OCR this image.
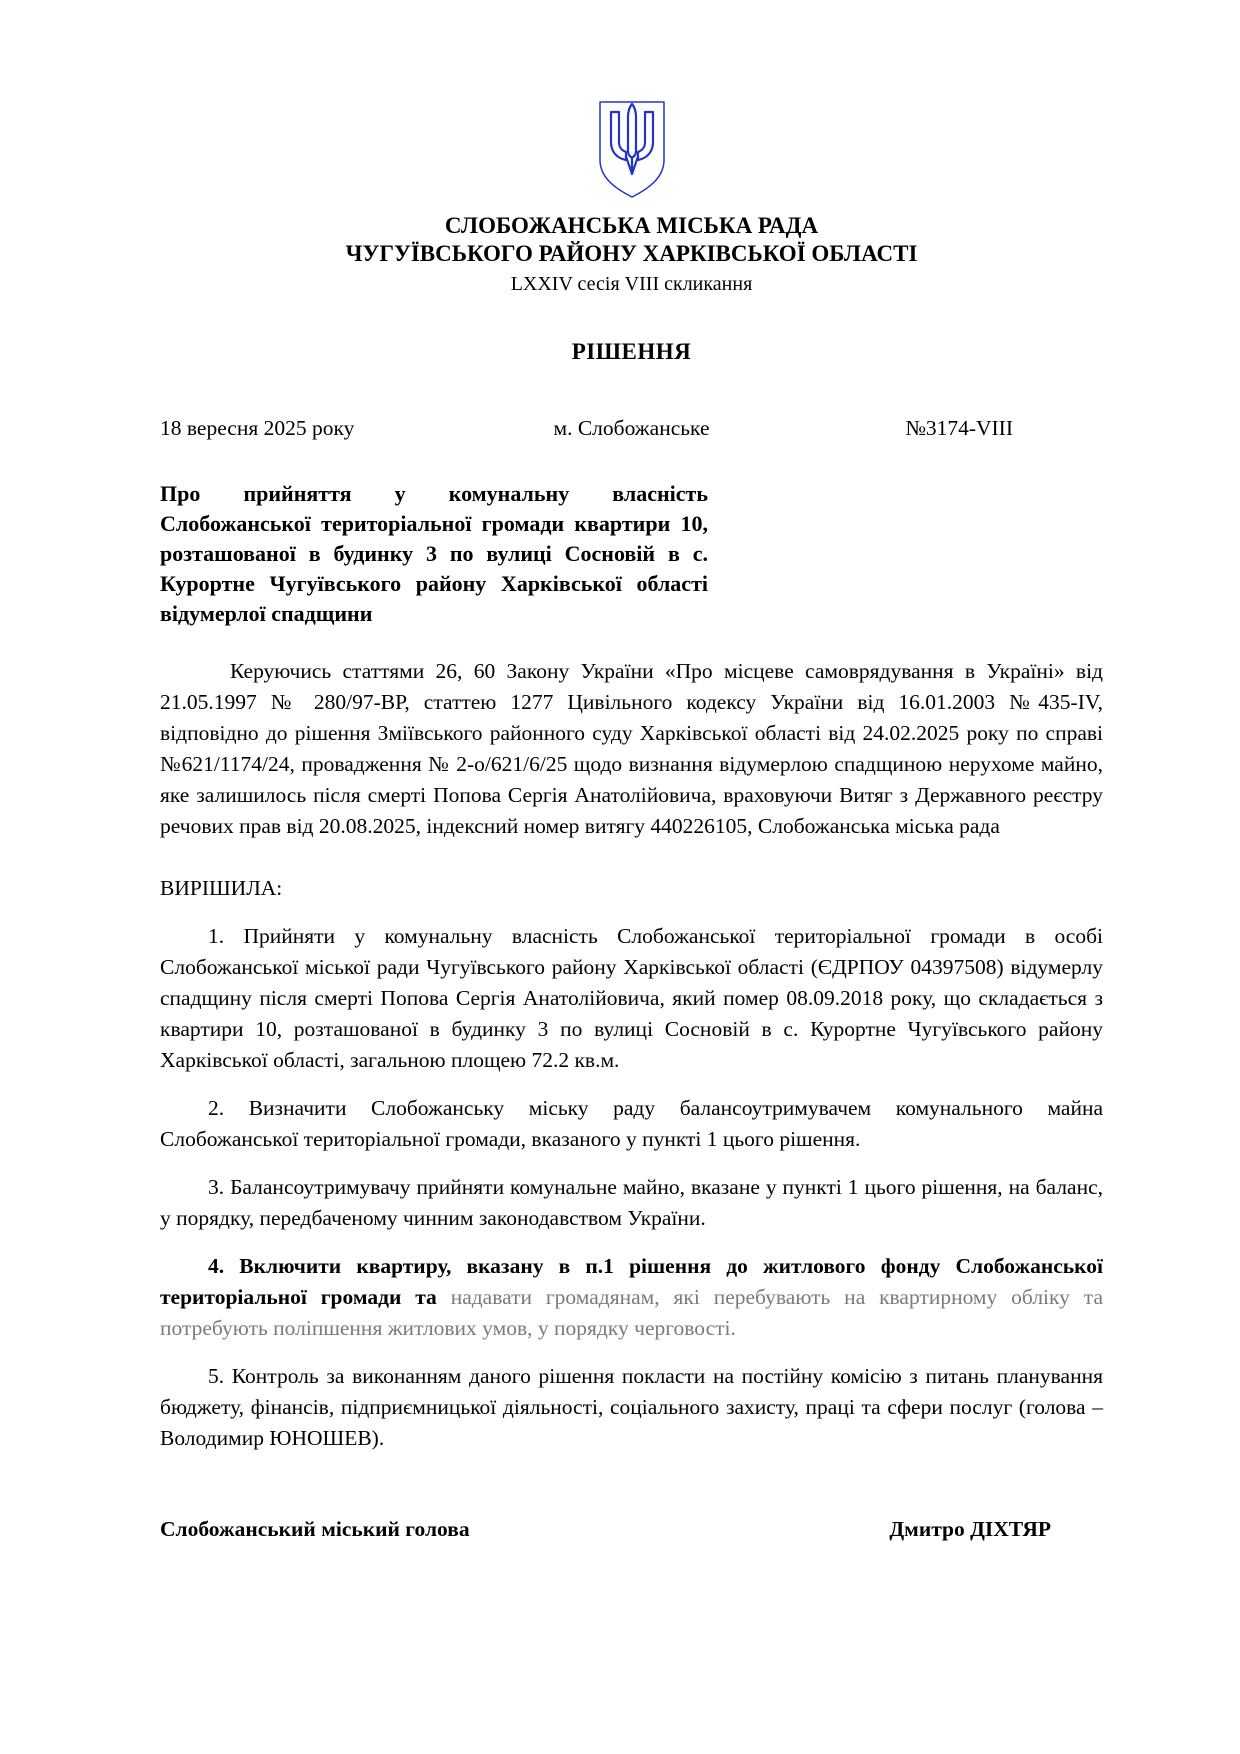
СЛОБОЖАНСЬКА МІСЬКА РАДА
ЧУГУЇВСЬКОГО РАЙОНУ ХАРКІВСЬКОЇ ОБЛАСТІ
LXXIV сесія VIII скликання
РІШЕННЯ
18 вересня 2025 року	м. Слобожанське	№3174-VIII
Про прийняття у комунальну власність Слобожанської територіальної громади квартири 10, розташованої в будинку 3 по вулиці Сосновій в с. Курортне Чугуївського району Харківської області відумерлої спадщини

Керуючись статтями 26, 60 Закону України «Про місцеве самоврядування в Україні» від 21.05.1997 № 280/97-ВР, статтею 1277 Цивільного кодексу України від 16.01.2003 №435-IV, відповідно до рішення Зміївського районного суду Харківської області від 24.02.2025 року по справі №621/1174/24, провадження № 2-о/621/6/25 щодо визнання відумерлою спадщиною нерухоме майно, яке залишилось після смерті Попова Сергія Анатолійовича, враховуючи Витяг з Державного реєстру речових прав від 20.08.2025, індексний номер витягу 440226105, Слобожанська міська рада

ВИРІШИЛА:

1. Прийняти у комунальну власність Слобожанської територіальної громади в особі Слобожанської міської ради Чугуївського району Харківської області (ЄДРПОУ 04397508) відумерлу спадщину після смерті Попова Сергія Анатолійовича, який помер 08.09.2018 року, що складається з квартири 10, розташованої в будинку 3 по вулиці Сосновій в с. Курортне Чугуївського району Харківської області, загальною площею 72.2 кв.м.

2. Визначити Слобожанську міську раду балансоутримувачем комунального майна Слобожанської територіальної громади, вказаного у пункті 1 цього рішення.

3. Балансоутримувачу прийняти комунальне майно, вказане у пункті 1 цього рішення, на баланс, у порядку, передбаченому чинним законодавством України.

4. Включити квартиру, вказану в п.1 рішення до житлового фонду Слобожанської територіальної громади та надавати громадянам, які перебувають на квартирному обліку та потребують поліпшення житлових умов, у порядку черговості.

5. Контроль за виконанням даного рішення покласти на постійну комісію з питань планування бюджету, фінансів, підприємницької діяльності, соціального захисту, праці та сфери послуг (голова – Володимир ЮНОШЕВ).

Слобожанський міський голова	Дмитро ДІХТЯР
